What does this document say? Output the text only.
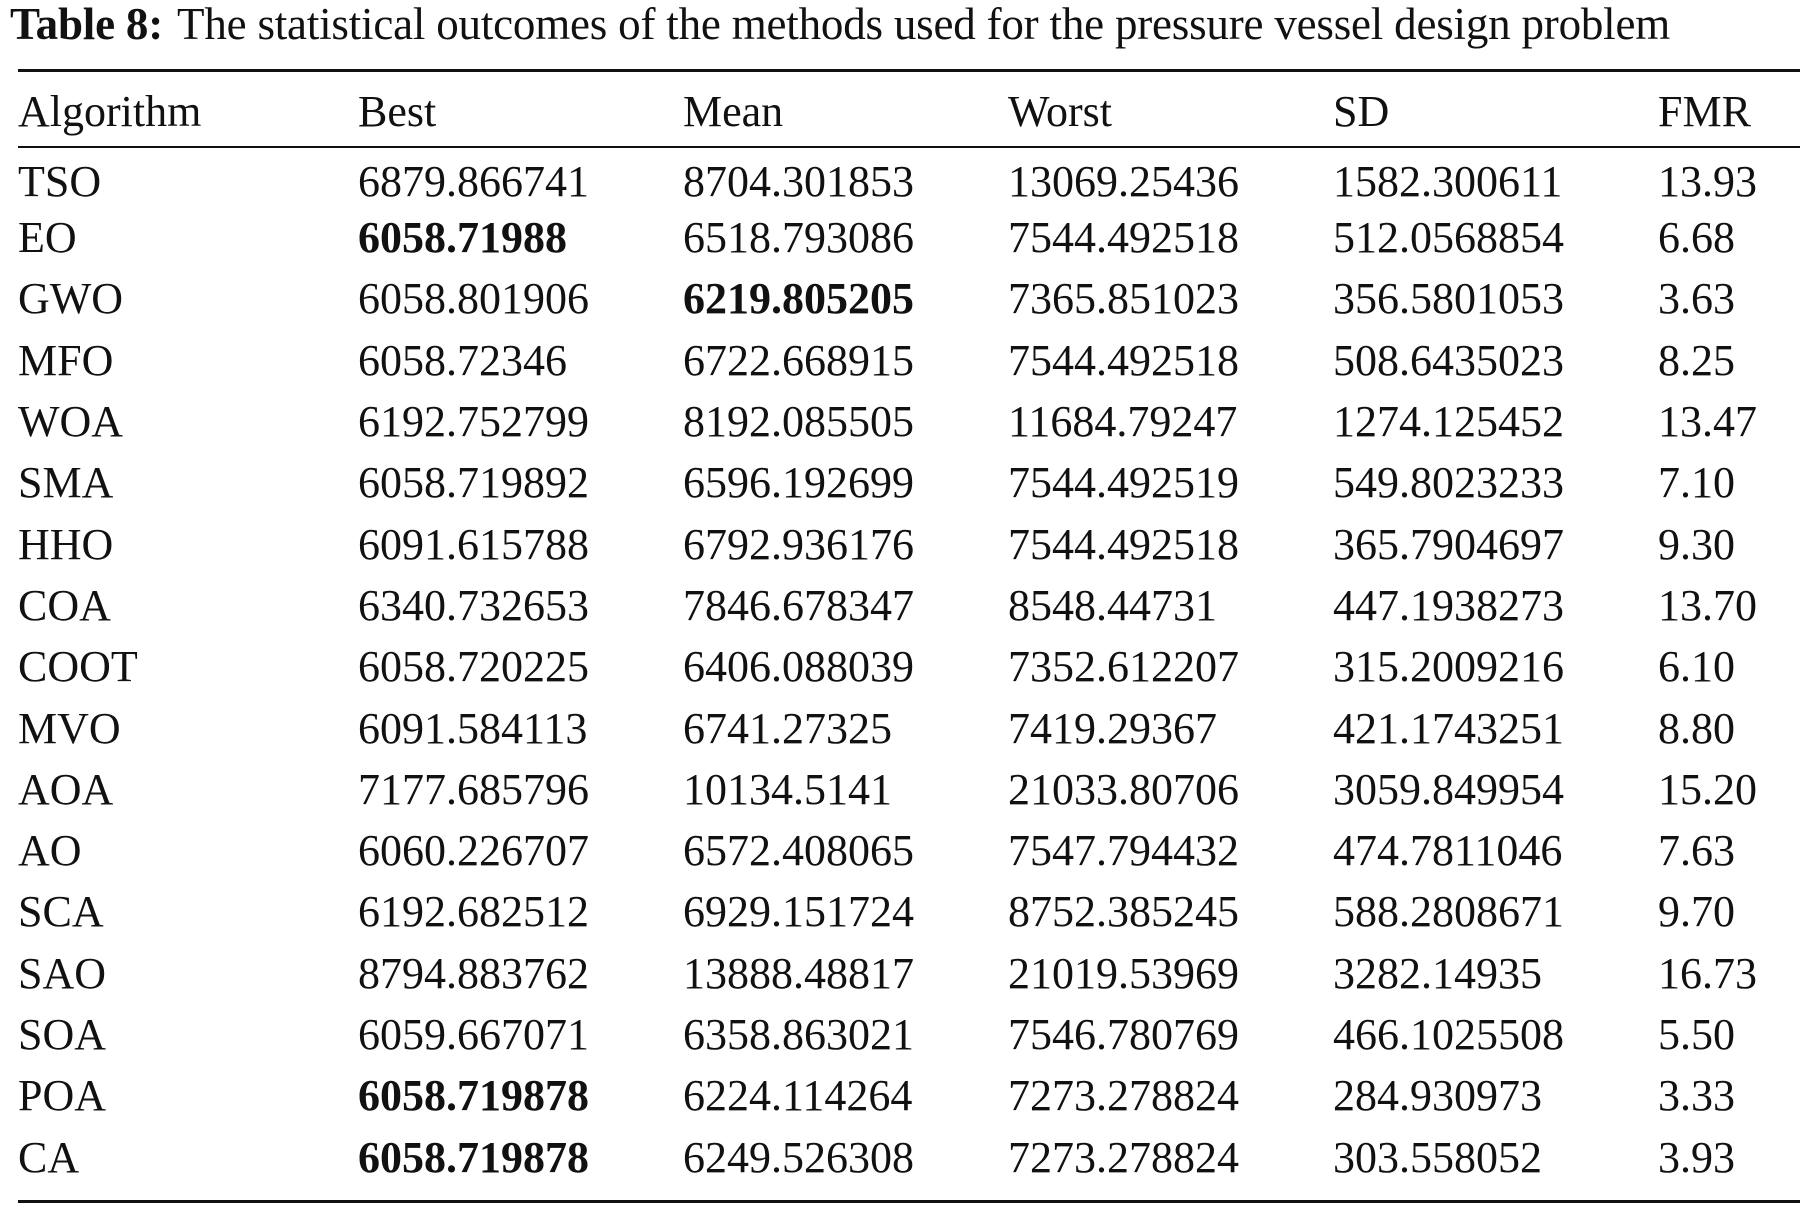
Table 8: The statistical outcomes of the methods used for the pressure vessel design problem
Algorithm	Best	Mean	Worst	SD	FMR
TSO	6879.866741	8704.301853	13069.25436	1582.300611	13.93
EO	6058.71988	6518.793086	7544.492518	512.0568854	6.68
GWO	6058.801906	6219.805205	7365.851023	356.5801053	3.63
MFO	6058.72346	6722.668915	7544.492518	508.6435023	8.25
WOA	6192.752799	8192.085505	11684.79247	1274.125452	13.47
SMA	6058.719892	6596.192699	7544.492519	549.8023233	7.10
HHO	6091.615788	6792.936176	7544.492518	365.7904697	9.30
COA	6340.732653	7846.678347	8548.44731	447.1938273	13.70
COOT	6058.720225	6406.088039	7352.612207	315.2009216	6.10
MVO	6091.584113	6741.27325	7419.29367	421.1743251	8.80
AOA	7177.685796	10134.5141	21033.80706	3059.849954	15.20
AO	6060.226707	6572.408065	7547.794432	474.7811046	7.63
SCA	6192.682512	6929.151724	8752.385245	588.2808671	9.70
SAO	8794.883762	13888.48817	21019.53969	3282.14935	16.73
SOA	6059.667071	6358.863021	7546.780769	466.1025508	5.50
POA	6058.719878	6224.114264	7273.278824	284.930973	3.33
CA	6058.719878	6249.526308	7273.278824	303.558052	3.93
